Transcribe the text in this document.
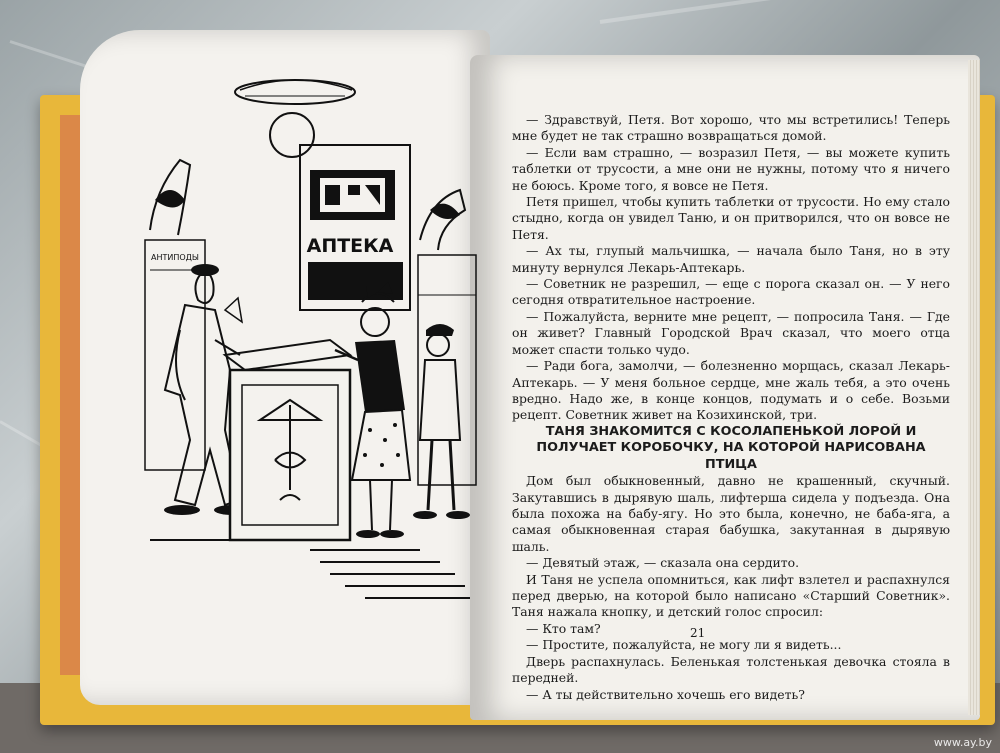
АПТЕКА
АНТИПОДЫ

— Здравствуй, Петя. Вот хорошо, что мы встретились! Теперь мне будет не так страшно возвращаться домой.

— Если вам страшно, — возразил Петя, — вы можете купить таблетки от трусости, а мне они не нужны, потому что я ничего не боюсь. Кроме того, я вовсе не Петя.

Петя пришел, чтобы купить таблетки от трусости. Но ему стало стыдно, когда он увидел Таню, и он притворился, что он вовсе не Петя.

— Ах ты, глупый мальчишка, — начала было Таня, но в эту минуту вернулся Лекарь-Аптекарь.

— Советник не разрешил, — еще с порога сказал он. — У него сегодня отвратительное настроение.

— Пожалуйста, верните мне рецепт, — попросила Таня. — Где он живет? Главный Городской Врач сказал, что моего отца может спасти только чудо.

— Ради бога, замолчи, — болезненно морщась, сказал Лекарь-Аптекарь. — У меня больное сердце, мне жаль тебя, а это очень вредно. Надо же, в конце концов, подумать и о себе. Возьми рецепт. Советник живет на Козихинской, три.

ТАНЯ ЗНАКОМИТСЯ С КОСОЛАПЕНЬКОЙ ЛОРОЙ И ПОЛУЧАЕТ КОРОБОЧКУ, НА КОТОРОЙ НАРИСОВАНА ПТИЦА

Дом был обыкновенный, давно не крашенный, скучный. Закутавшись в дырявую шаль, лифтерша сидела у подъезда. Она была похожа на бабу-ягу. Но это была, конечно, не баба-яга, а самая обыкновенная старая бабушка, закутанная в дырявую шаль.

— Девятый этаж, — сказала она сердито.

И Таня не успела опомниться, как лифт взлетел и распахнулся перед дверью, на которой было написано «Старший Советник». Таня нажала кнопку, и детский голос спросил:

— Кто там?

— Простите, пожалуйста, не могу ли я видеть...

Дверь распахнулась. Беленькая толстенькая девочка стояла в передней.

— А ты действительно хочешь его видеть?

21
www.ay.by
